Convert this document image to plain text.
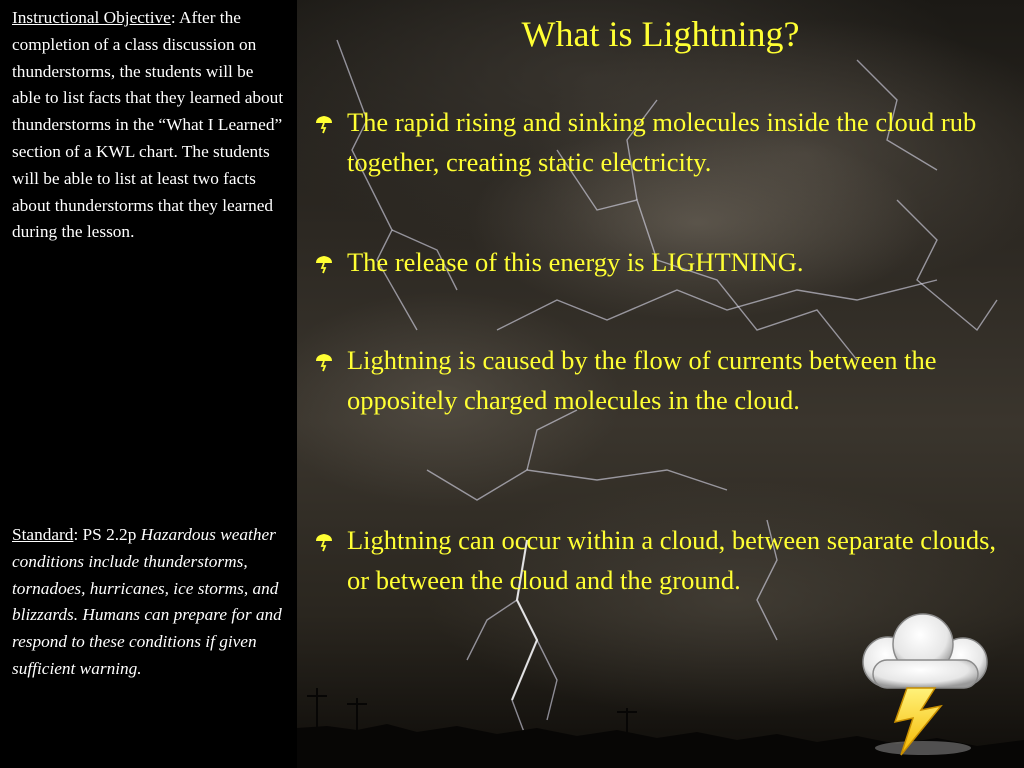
Instructional Objective: After the completion of a class discussion on thunderstorms, the students will be able to list facts that they learned about thunderstorms in the “What I Learned” section of a KWL chart. The students will be able to list at least two facts about thunderstorms that they learned during the lesson.

Standard: PS 2.2p Hazardous weather conditions include thunderstorms, tornadoes, hurricanes, ice storms, and blizzards. Humans can prepare for and respond to these conditions if given sufficient warning.

What is Lightning?
The rapid rising and sinking molecules inside the cloud rub together, creating static electricity.
The release of this energy is LIGHTNING.
Lightning is caused by the flow of currents between the oppositely charged molecules in the cloud.
Lightning can occur within a cloud, between separate clouds, or between the cloud and the ground.
